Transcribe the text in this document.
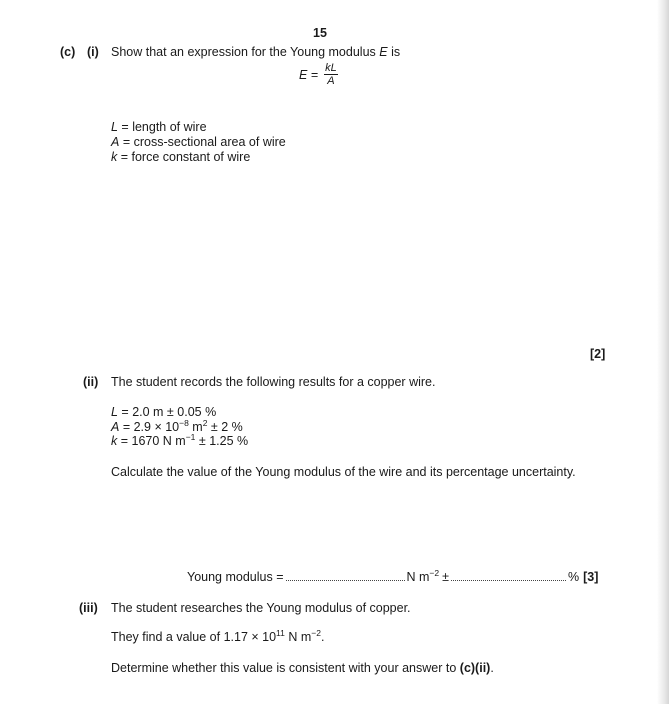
15
(c) (i) Show that an expression for the Young modulus E is
$E = \frac{kL}{A}$
L = length of wire
A = cross-sectional area of wire
k = force constant of wire
[2]
(ii) The student records the following results for a copper wire.
L = 2.0 m ± 0.05 %
$A = 2.9 \times 10^{-8}$ $m^2 \pm 2$ %
k = 1670 N $m^{-1} \pm 1.25$ %
Calculate the value of the Young modulus of the wire and its percentage uncertainty.
Young modulus =	N $m^{-2}$ ±	% [3]
(iii) The student researches the Young modulus of copper.
They find a value of $1.17 \times 10^{11}$ N $m^{-2}$.
Determine whether this value is consistent with your answer to (c)(ii).
